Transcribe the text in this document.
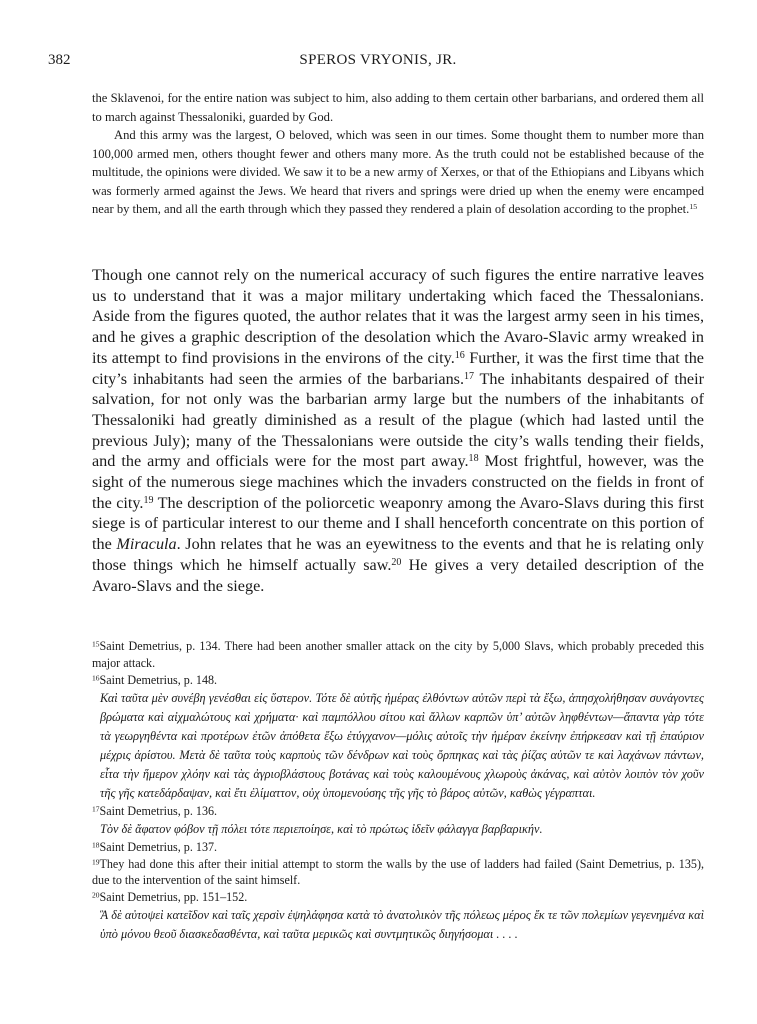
382	SPEROS VRYONIS, JR.

the Sklavenoi, for the entire nation was subject to him, also adding to them certain other barbarians, and ordered them all to march against Thessaloniki, guarded by God.

And this army was the largest, O beloved, which was seen in our times. Some thought them to number more than 100,000 armed men, others thought fewer and others many more. As the truth could not be established because of the multitude, the opinions were divided. We saw it to be a new army of Xerxes, or that of the Ethiopians and Libyans which was formerly armed against the Jews. We heard that rivers and springs were dried up when the enemy were encamped near by them, and all the earth through which they passed they rendered a plain of desolation according to the prophet.$^{15}$

Though one cannot rely on the numerical accuracy of such figures the entire narrative leaves us to understand that it was a major military undertaking which faced the Thessalonians. Aside from the figures quoted, the author relates that it was the largest army seen in his times, and he gives a graphic description of the desolation which the Avaro-Slavic army wreaked in its attempt to find provisions in the environs of the city.$^{16}$ Further, it was the first time that the city’s inhabitants had seen the armies of the barbarians.$^{17}$ The inhabitants despaired of their salvation, for not only was the barbarian army large but the numbers of the inhabitants of Thessaloniki had greatly diminished as a result of the plague (which had lasted until the previous July); many of the Thessalonians were outside the city’s walls tending their fields, and the army and officials were for the most part away.$^{18}$ Most frightful, however, was the sight of the numerous siege machines which the invaders constructed on the fields in front of the city.$^{19}$ The description of the poliorcetic weaponry among the Avaro-Slavs during this first siege is of particular interest to our theme and I shall henceforth concentrate on this portion of the Miracula. John relates that he was an eyewitness to the events and that he is relating only those things which he himself actually saw.$^{20}$ He gives a very detailed description of the Avaro-Slavs and the siege.

$^{15}$Saint Demetrius, p. 134. There had been another smaller attack on the city by 5,000 Slavs, which probably preceded this major attack.

$^{16}$Saint Demetrius, p. 148.

Καὶ ταῦτα μὲν συνέβη γενέσθαι εἰς ὕστερον. Τότε δὲ αὐτῆς ἡμέρας ἐλθόντων αὐτῶν περὶ τὰ ἔξω, ἀπησχολήθησαν συνάγοντες βρώματα καὶ αἰχμαλώτους καὶ χρήματα· καὶ παμπόλλου σίτου καὶ ἄλλων καρπῶν ὑπ’ αὐτῶν ληφθέντων—ἅπαντα γὰρ τότε τὰ γεωργηθέντα καὶ προτέρων ἐτῶν ἀπόθετα ἔξω ἐτύγχανον—μόλις αὐτοῖς τὴν ἡμέραν ἐκείνην ἐπήρκεσαν καὶ τῇ ἐπαύριον μέχρις ἀρίστου. Μετὰ δὲ ταῦτα τοὺς καρποὺς τῶν δένδρων καὶ τοὺς ὄρπηκας καὶ τὰς ῥίζας αὐτῶν τε καὶ λαχάνων πάντων, εἶτα τὴν ἥμερον χλόην καὶ τὰς ἀγριοβλάστους βοτάνας καὶ τοὺς καλουμένους χλωροὺς ἀκάνας, καὶ αὐτὸν λοιπὸν τὸν χοῦν τῆς γῆς κατεδάρδαψαν, καὶ ἔτι ἐλίματτον, οὐχ ὑπομενούσης τῆς γῆς τὸ βάρος αὐτῶν, καθὼς γέγραπται.

$^{17}$Saint Demetrius, p. 136.

Τὸν δὲ ἄφατον φόβον τῇ πόλει τότε περιεποίησε, καὶ τὸ πρώτως ἰδεῖν φάλαγγα βαρβαρικήν.

$^{18}$Saint Demetrius, p. 137.

$^{19}$They had done this after their initial attempt to storm the walls by the use of ladders had failed (Saint Demetrius, p. 135), due to the intervention of the saint himself.

$^{20}$Saint Demetrius, pp. 151–152.

Ἃ δὲ αὐτοψεὶ κατεῖδον καὶ ταῖς χερσὶν ἐψηλάφησα κατὰ τὸ ἀνατολικὸν τῆς πόλεως μέρος ἔκ τε τῶν πολεμίων γεγενημένα καὶ ὑπὸ μόνου θεοῦ διασκεδασθέντα, καὶ ταῦτα μερικῶς καὶ συντμητικῶς διηγήσομαι . . . .
